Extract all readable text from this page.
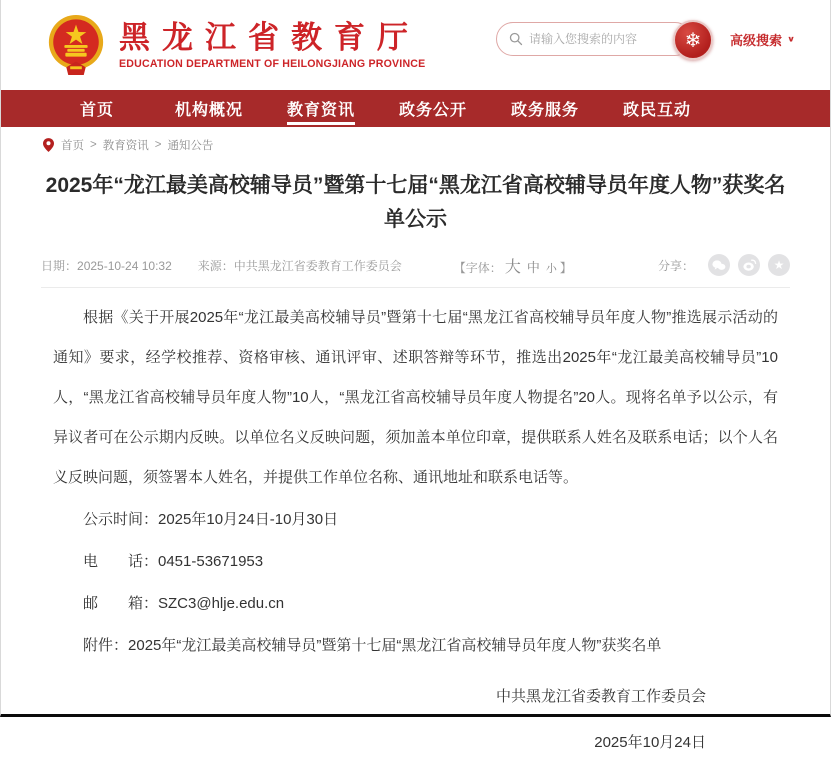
黑龙江省教育厅
EDUCATION DEPARTMENT OF HEILONGJIANG PROVINCE
请输入您搜索的内容
❄ 高级搜索 ∨
首页	机构概况	教育资讯	政务公开	政务服务	政民互动
首页 > 教育资讯 > 通知公告
2025年“龙江最美高校辅导员”暨第十七届“黑龙江省高校辅导员年度人物”获奖名单公示
日期：2025-10-24 10:32 来源：中共黑龙江省委教育工作委员会	【字体： 大 中 小 】	分享：	★

根据《关于开展2025年“龙江最美高校辅导员”暨第十七届“黑龙江省高校辅导员年度人物”推选展示活动的通知》要求，经学校推荐、资格审核、通讯评审、述职答辩等环节，推选出2025年“龙江最美高校辅导员”10人，“黑龙江省高校辅导员年度人物”10人，“黑龙江省高校辅导员年度人物提名”20人。现将名单予以公示，有异议者可在公示期内反映。以单位名义反映问题，须加盖本单位印章，提供联系人姓名及联系电话；以个人名义反映问题，须签署本人姓名，并提供工作单位名称、通讯地址和联系电话等。

公示时间：2025年10月24日-10月30日
电　　话：0451-53671953
邮　　箱：SZC3@hlje.edu.cn
附件：2025年“龙江最美高校辅导员”暨第十七届“黑龙江省高校辅导员年度人物”获奖名单
中共黑龙江省委教育工作委员会
2025年10月24日
